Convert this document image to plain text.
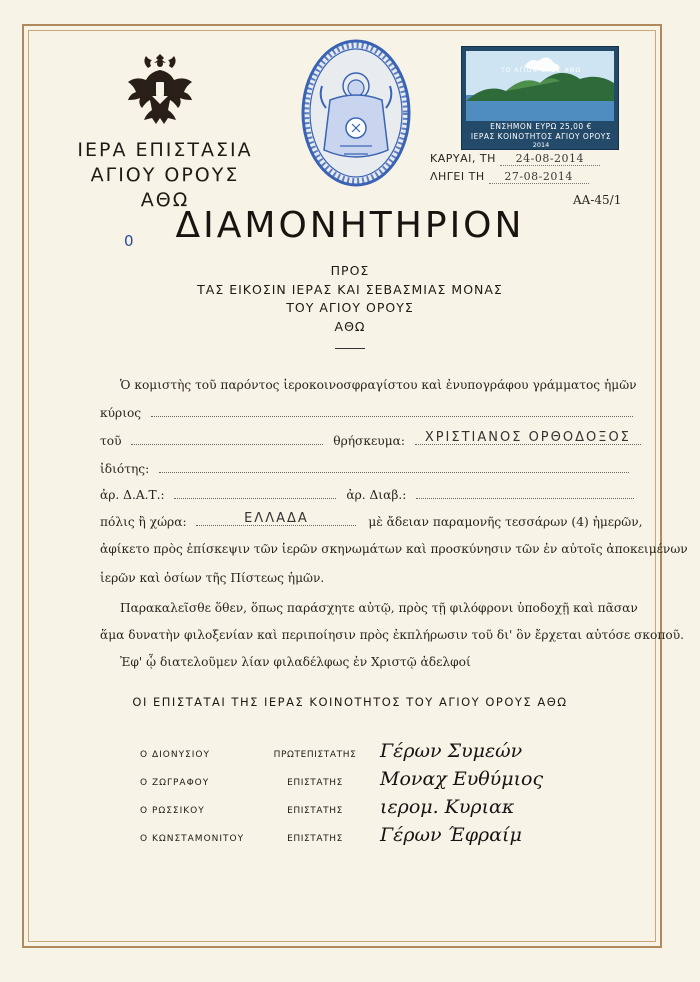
ΙΕΡΑ ΕΠΙΣΤΑΣΙΑ
ΑΓΙΟΥ ΟΡΟΥΣ
ΑΘΩ
ΤΟ ΑΓΙΟΝ ΟΡΟΣ ΑΘΩ
ΕΝΣΗΜΟΝ ΕΥΡΩ 25,00 €
ΙΕΡΑΣ ΚΟΙΝΟΤΗΤΟΣ ΑΓΙΟΥ ΟΡΟΥΣ
2014
ΚΑΡΥΑΙ, ΤΗ 24-08-2014
ΛΗΓΕΙ ΤΗ 27-08-2014
ΑΑ-45/1
0	ΔΙΑΜΟΝΗΤΗΡΙΟΝ
ΠΡΟΣ
ΤΑΣ ΕΙΚΟΣΙΝ ΙΕΡΑΣ ΚΑΙ ΣΕΒΑΣΜΙΑΣ ΜΟΝΑΣ
ΤΟΥ ΑΓΙΟΥ ΟΡΟΥΣ
ΑΘΩ
Ὁ κομιστὴς τοῦ παρόντος ἱεροκοινοσφραγίστου καὶ ἐνυπογράφου γράμματος ἡμῶν
κύριος
τοῦ	θρήσκευμα:	ΧΡΙΣΤΙΑΝΟΣ ΟΡΘΟΔΟΞΟΣ
ἰδιότης:
ἀρ. Δ.Α.Τ.:	ἀρ. Διαβ.:
πόλις ἢ χώρα:	ΕΛΛΑΔΑ	μὲ ἄδειαν παραμονῆς τεσσάρων (4) ἡμερῶν,
ἀφίκετο πρὸς ἐπίσκεψιν τῶν ἱερῶν σκηνωμάτων καὶ προσκύνησιν τῶν ἐν αὐτοῖς ἀποκειμένων
ἱερῶν καὶ ὁσίων τῆς Πίστεως ἡμῶν.
Παρακαλεῖσθε ὅθεν, ὅπως παράσχητε αὐτῷ, πρὸς τῇ φιλόφρονι ὑποδοχῇ καὶ πᾶσαν
ἅμα δυνατὴν φιλοξενίαν καὶ περιποίησιν πρὸς ἐκπλήρωσιν τοῦ δι' ὃν ἔρχεται αὐτόσε σκοποῦ.
Ἐφ' ᾧ διατελοῦμεν λίαν φιλαδέλφως ἐν Χριστῷ ἀδελφοί
ΟΙ ΕΠΙΣΤΑΤΑΙ ΤΗΣ ΙΕΡΑΣ ΚΟΙΝΟΤΗΤΟΣ ΤΟΥ ΑΓΙΟΥ ΟΡΟΥΣ ΑΘΩ
Ο ΔΙΟΝΥΣΙΟΥ	ΠΡΩΤΕΠΙΣΤΑΤΗΣ	Γέρων Συμεών
Ο ΖΩΓΡΑΦΟΥ	ΕΠΙΣΤΑΤΗΣ	Μοναχ Ευθύμιος
Ο ΡΩΣΣΙΚΟΥ	ΕΠΙΣΤΑΤΗΣ	ιερομ. Κυριακ
Ο ΚΩΝΣΤΑΜΟΝΙΤΟΥ	ΕΠΙΣΤΑΤΗΣ	Γέρων Έφραίμ
